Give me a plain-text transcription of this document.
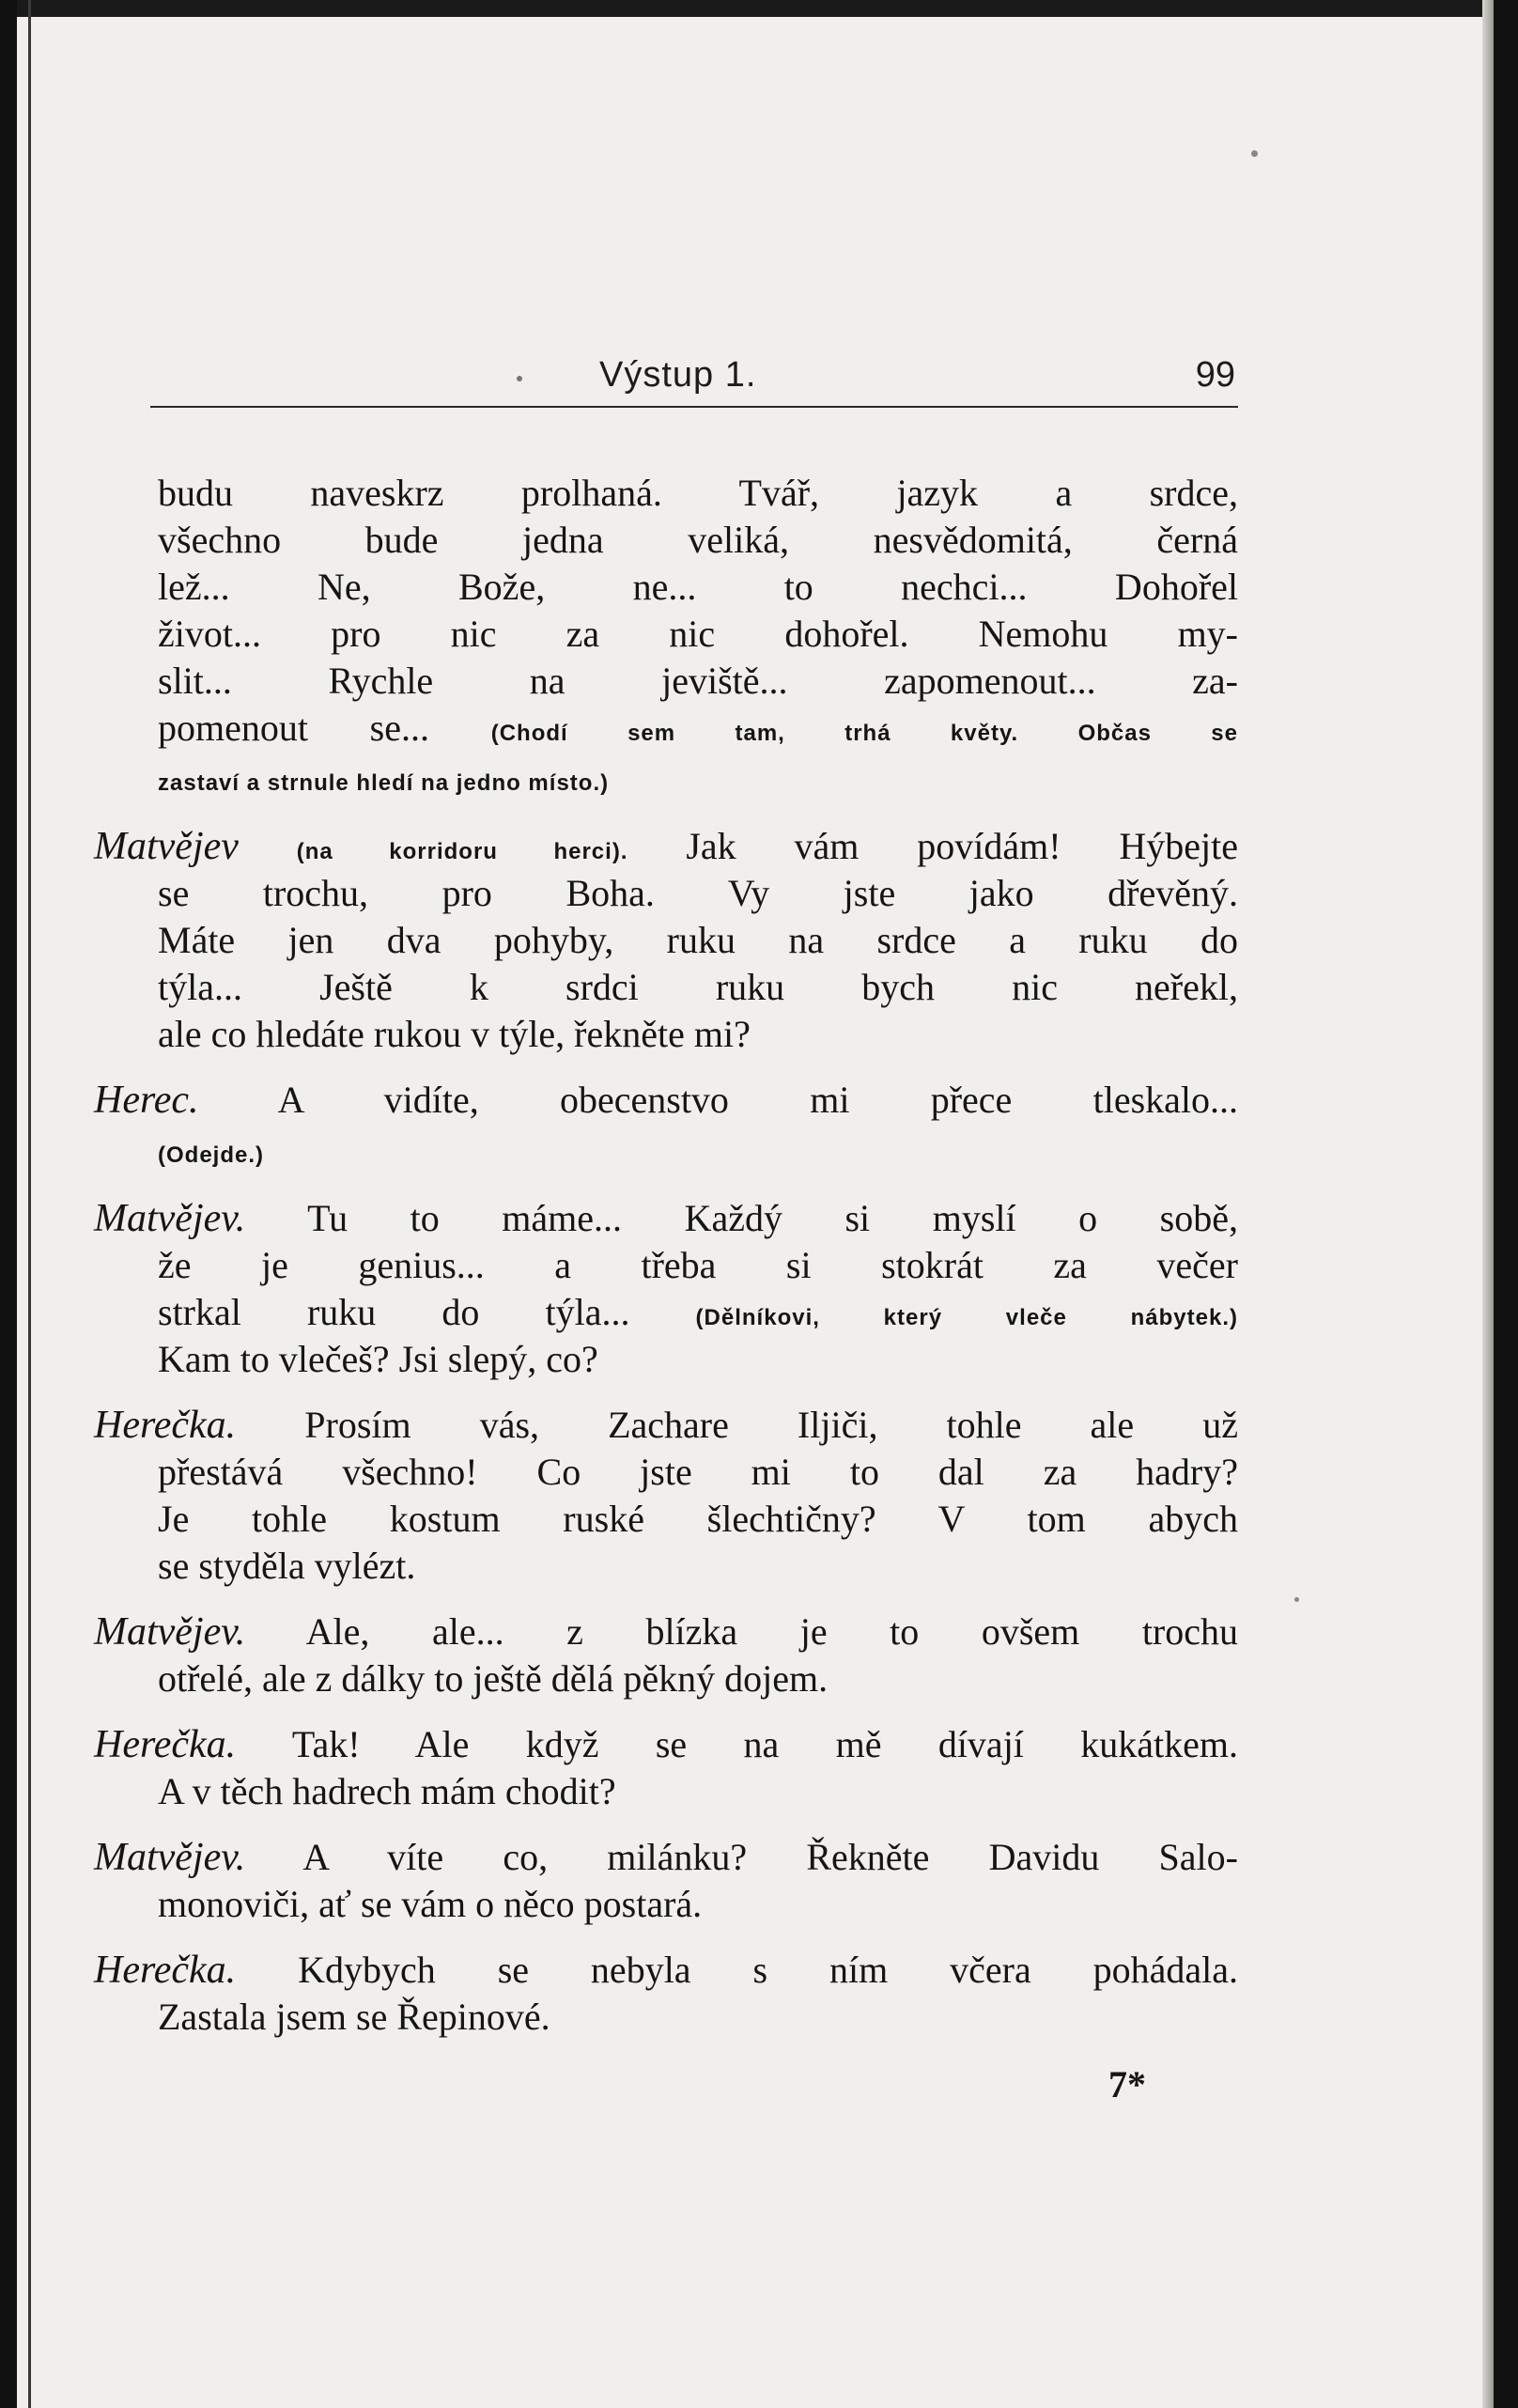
Výstup 1.	99
budu naveskrz prolhaná. Tvář, jazyk a srdce,
všechno bude jedna veliká, nesvědomitá, černá
lež... Ne, Bože, ne... to nechci... Dohořel
život... pro nic za nic dohořel. Nemohu my-
slit... Rychle na jeviště... zapomenout... za-
pomenout se...	(Chodí sem tam, trhá květy. Občas se
zastaví a strnule hledí na jedno místo.)
Matvějev	(na korridoru herci). Jak vám povídám! Hýbejte
se trochu, pro Boha. Vy jste jako dřevěný.
Máte jen dva pohyby, ruku na srdce a ruku do
týla... Ještě k srdci ruku bych nic neřekl,
ale co hledáte rukou v týle, řekněte mi?
Herec. A vidíte, obecenstvo mi přece tleskalo...
(Odejde.)
Matvějev. Tu to máme... Každý si myslí o sobě,
že je genius... a třeba si stokrát za večer
strkal ruku do týla...	(Dělníkovi, který vleče nábytek.)
Kam to vlečeš? Jsi slepý, co?
Herečka. Prosím vás, Zachare Iljiči, tohle ale už
přestává všechno! Co jste mi to dal za hadry?
Je tohle kostum ruské šlechtičny? V tom abych
se styděla vylézt.
Matvějev. Ale, ale... z blízka je to ovšem trochu
otřelé, ale z dálky to ještě dělá pěkný dojem.
Herečka. Tak! Ale když se na mě dívají kukátkem.
A v těch hadrech mám chodit?
Matvějev. A víte co, milánku? Řekněte Davidu Salo-
monoviči, ať se vám o něco postará.
Herečka. Kdybych se nebyla s ním včera pohádala.
Zastala jsem se Řepinové.
7*
